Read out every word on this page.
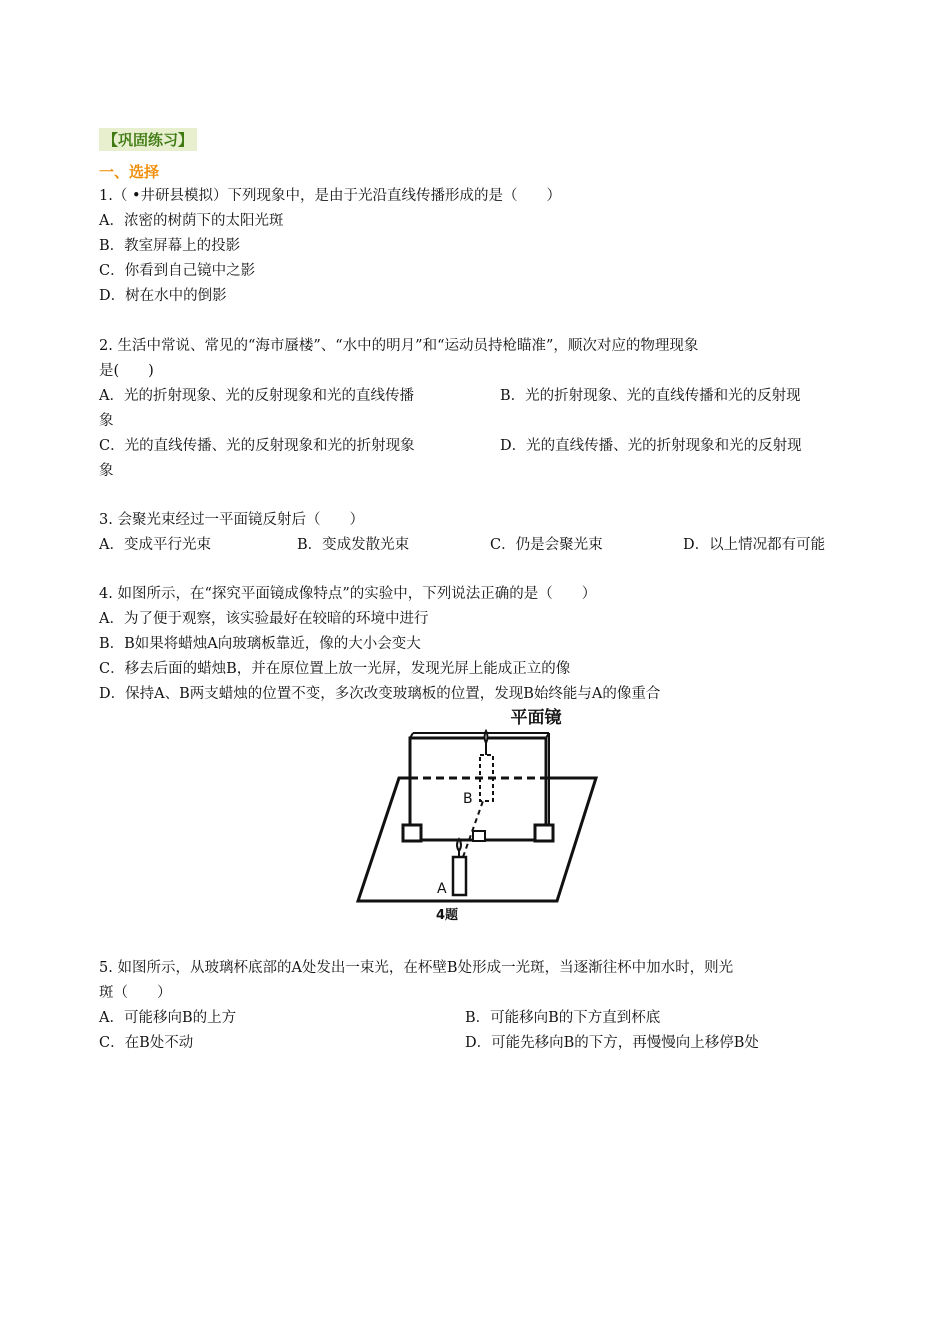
【巩固练习】
一、选择
1.（ •井研县模拟）下列现象中，是由于光沿直线传播形成的是（　　）
A．浓密的树荫下的太阳光斑
B．教室屏幕上的投影
C．你看到自己镜中之影
D．树在水中的倒影
2. 生活中常说、常见的“海市蜃楼”、“水中的明月”和“运动员持枪瞄准”，顺次对应的物理现象
是(　　)
A．光的折射现象、光的反射现象和光的直线传播	B．光的折射现象、光的直线传播和光的反射现
象
C．光的直线传播、光的反射现象和光的折射现象	D．光的直线传播、光的折射现象和光的反射现
象
3. 会聚光束经过一平面镜反射后（　　）
A．变成平行光束	B．变成发散光束	C．仍是会聚光束	D．以上情况都有可能
4. 如图所示，在“探究平面镜成像特点”的实验中，下列说法正确的是（　　）
A．为了便于观察，该实验最好在较暗的环境中进行
B．B如果将蜡烛A向玻璃板靠近，像的大小会变大
C．移去后面的蜡烛B，并在原位置上放一光屏，发现光屏上能成正立的像
D．保持A、B两支蜡烛的位置不变，多次改变玻璃板的位置，发现B始终能与A的像重合
5. 如图所示，从玻璃杯底部的A处发出一束光，在杯壁B处形成一光斑，当逐渐往杯中加水时，则光
斑（　　）
A．可能移向B的上方	B．可能移向B的下方直到杯底
C．在B处不动	D．可能先移向B的下方，再慢慢向上移停B处
平面镜
B
A
4题
